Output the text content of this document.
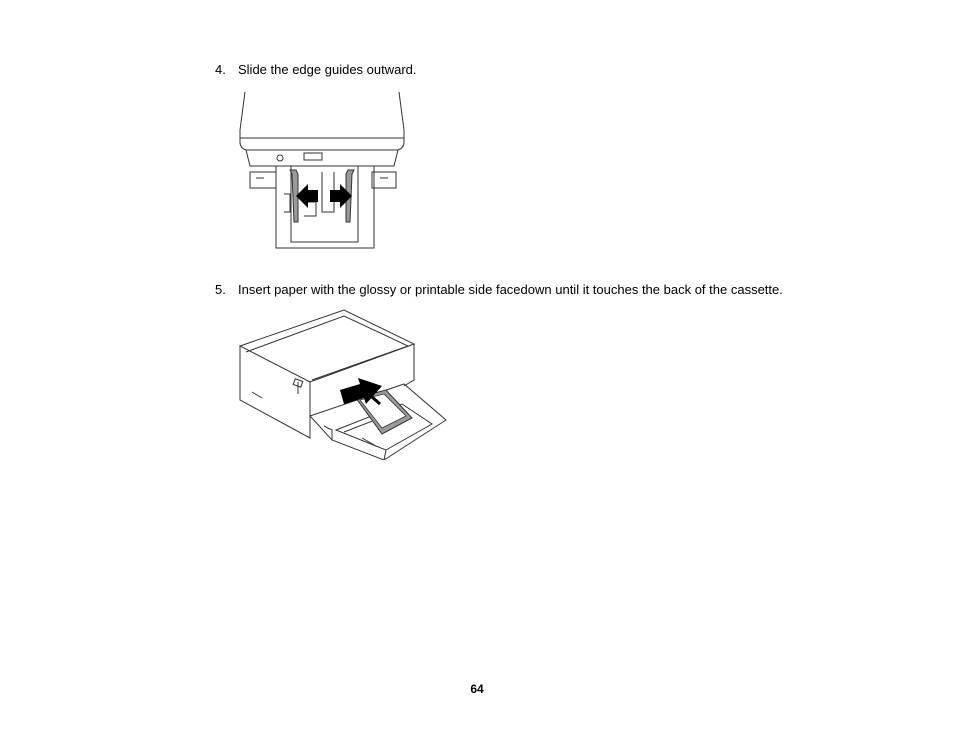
4. Slide the edge guides outward.
5. Insert paper with the glossy or printable side facedown until it touches the back of the cassette.
64
